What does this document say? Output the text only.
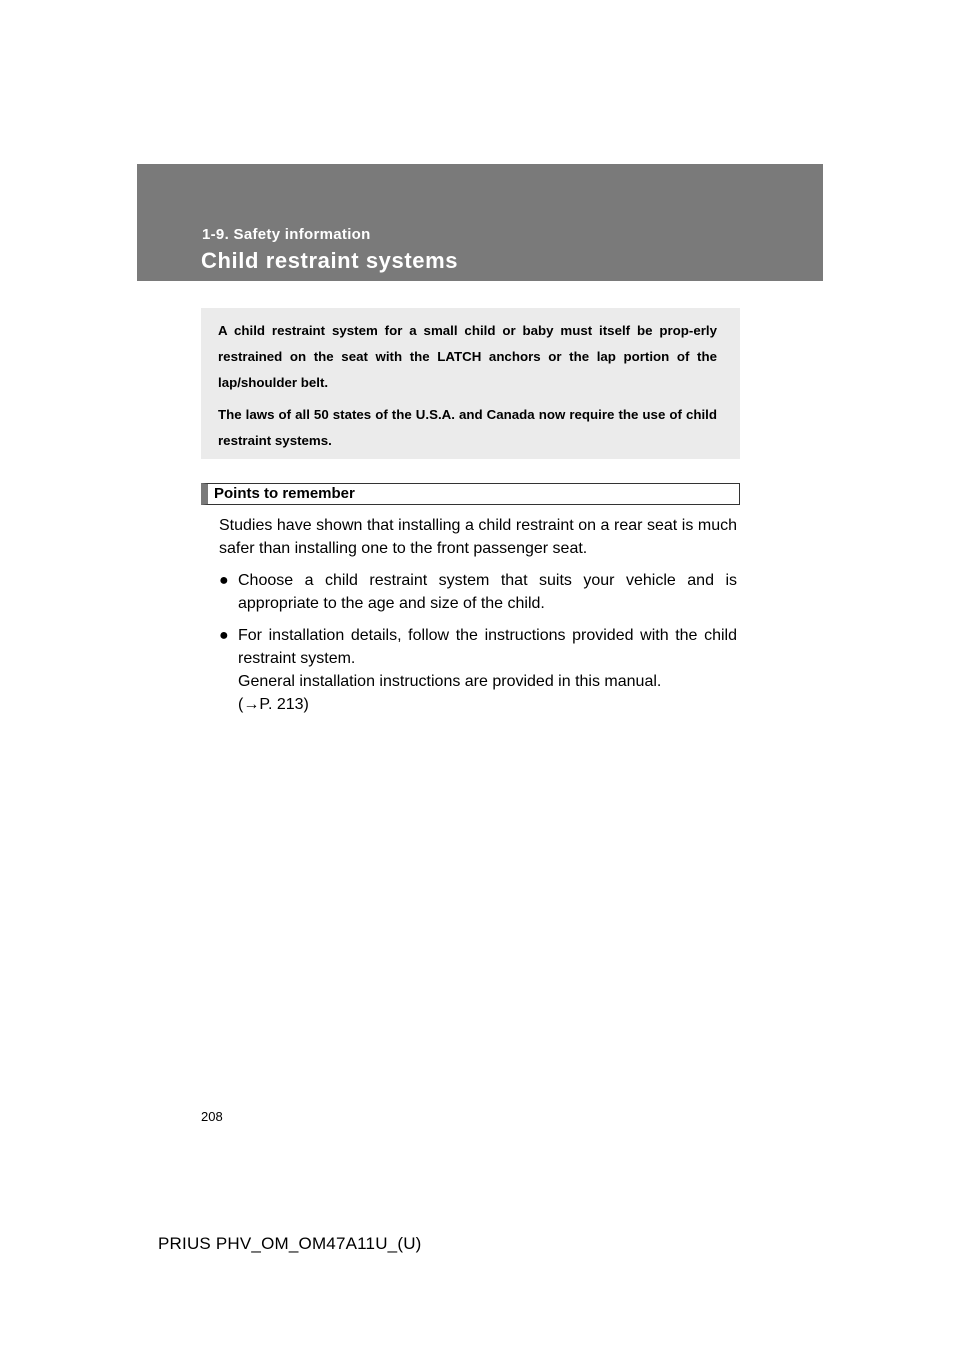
1-9. Safety information
Child restraint systems

A child restraint system for a small child or baby must itself be prop-erly restrained on the seat with the LATCH anchors or the lap portion of the lap/shoulder belt.

The laws of all 50 states of the U.S.A. and Canada now require the use of child restraint systems.

Points to remember

Studies have shown that installing a child restraint on a rear seat is much safer than installing one to the front passenger seat.

● Choose a child restraint system that suits your vehicle and is appropriate to the age and size of the child.
● For installation details, follow the instructions provided with the child restraint system.
General installation instructions are provided in this manual.
(→P. 213)
208
PRIUS PHV_OM_OM47A11U_(U)
